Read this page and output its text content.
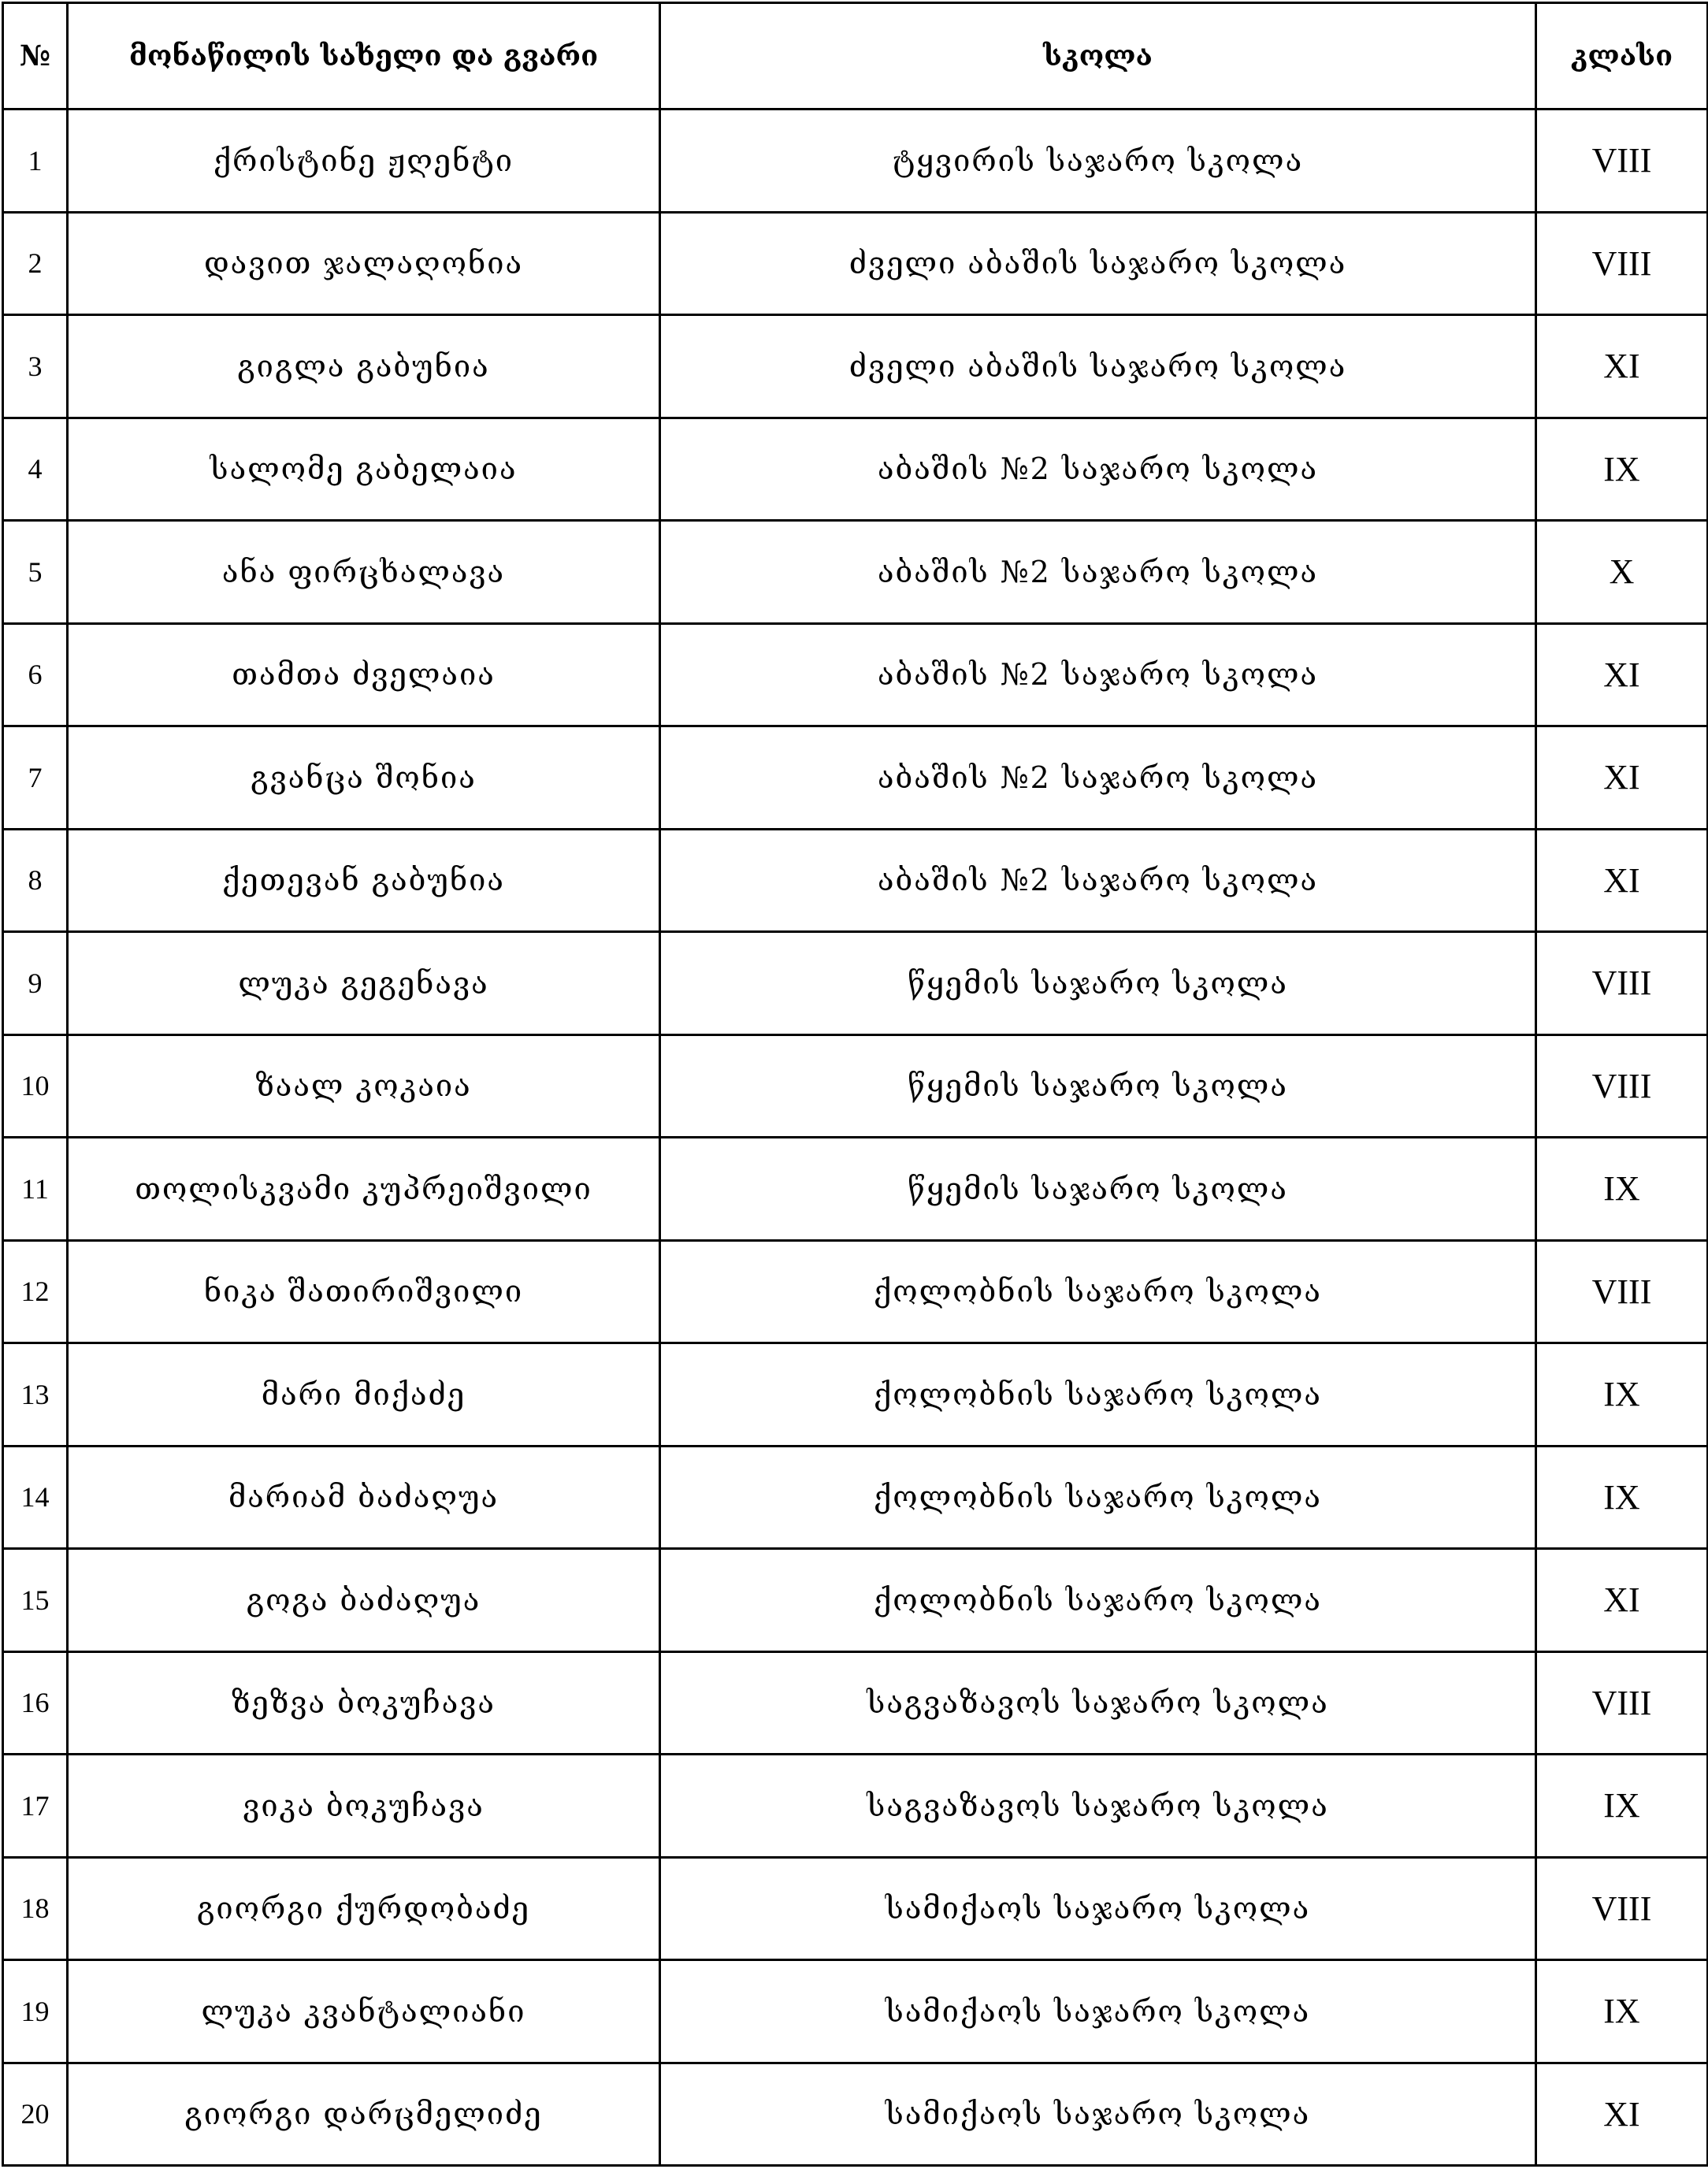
№	მონაწილის სახელი და გვარი	სკოლა	კლასი
1	ქრისტინე ჟღენტი	ტყვირის საჯარო სკოლა	VIII
2	დავით ჯალაღონია	ძველი აბაშის საჯარო სკოლა	VIII
3	გიგლა გაბუნია	ძველი აბაშის საჯარო სკოლა	XI
4	სალომე გაბელაია	აბაშის №2 საჯარო სკოლა	IX
5	ანა ფირცხალავა	აბაშის №2 საჯარო სკოლა	X
6	თამთა ძველაია	აბაშის №2 საჯარო სკოლა	XI
7	გვანცა შონია	აბაშის №2 საჯარო სკოლა	XI
8	ქეთევან გაბუნია	აბაშის №2 საჯარო სკოლა	XI
9	ლუკა გეგენავა	წყემის საჯარო სკოლა	VIII
10	ზაალ კოკაია	წყემის საჯარო სკოლა	VIII
11	თოლისკვამი კუპრეიშვილი	წყემის საჯარო სკოლა	IX
12	ნიკა შათირიშვილი	ქოლობნის საჯარო სკოლა	VIII
13	მარი მიქაძე	ქოლობნის საჯარო სკოლა	IX
14	მარიამ ბაძაღუა	ქოლობნის საჯარო სკოლა	IX
15	გოგა ბაძაღუა	ქოლობნის საჯარო სკოლა	XI
16	ზეზვა ბოკუჩავა	საგვაზავოს საჯარო სკოლა	VIII
17	ვიკა ბოკუჩავა	საგვაზავოს საჯარო სკოლა	IX
18	გიორგი ქურდობაძე	სამიქაოს საჯარო სკოლა	VIII
19	ლუკა კვანტალიანი	სამიქაოს საჯარო სკოლა	IX
20	გიორგი დარცმელიძე	სამიქაოს საჯარო სკოლა	XI
